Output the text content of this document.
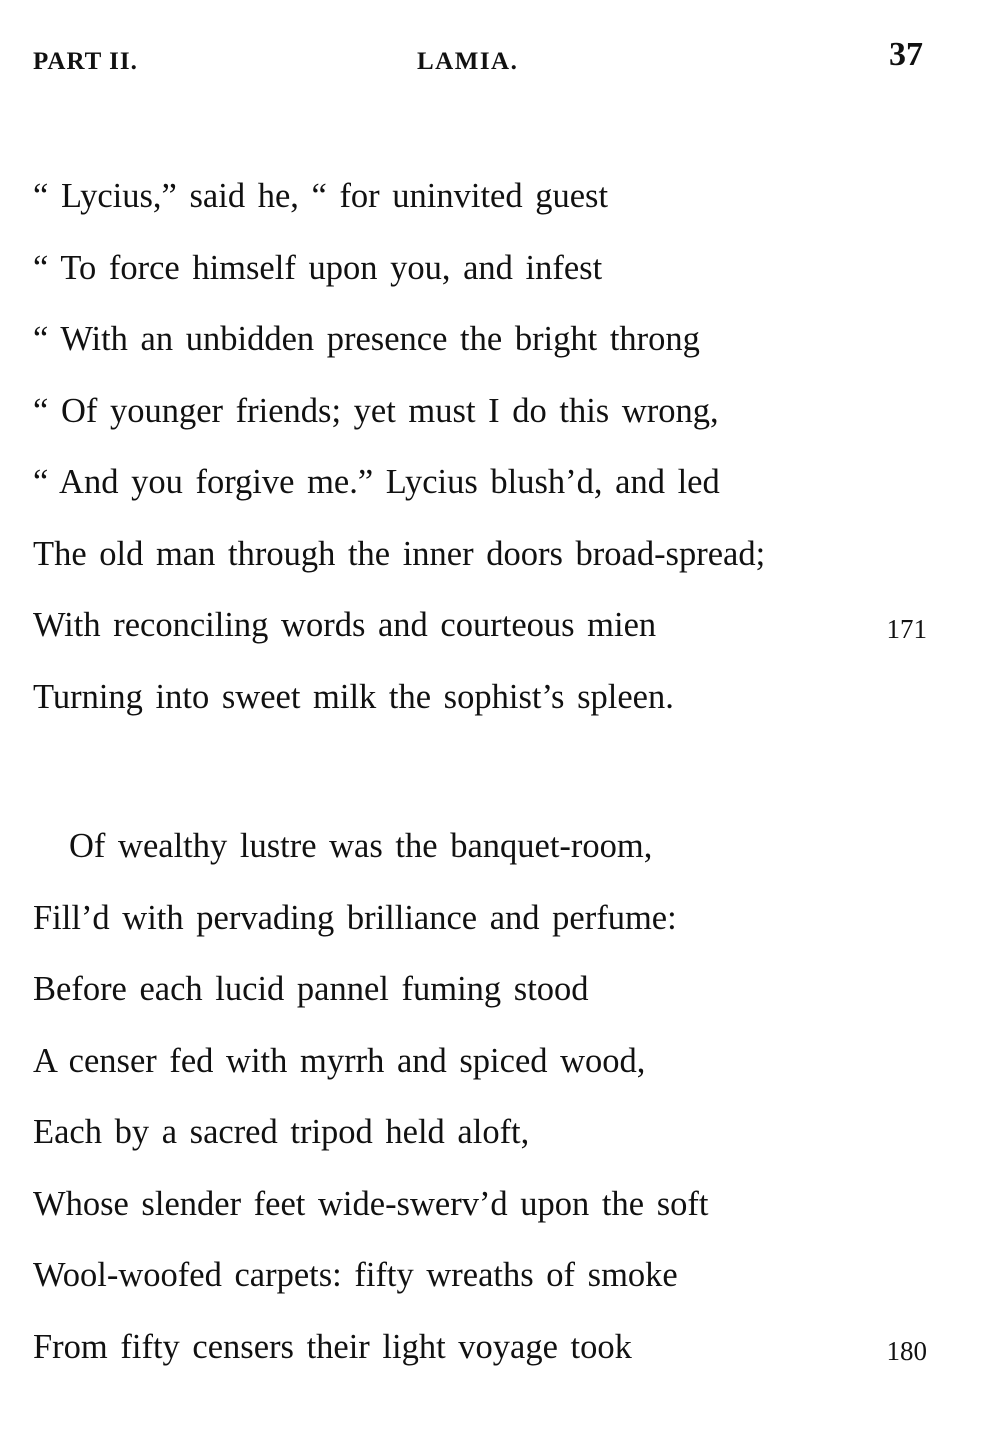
PART II.	LAMIA.	37
“ Lycius,” said he, “ for uninvited guest
“ To force himself upon you, and infest
“ With an unbidden presence the bright throng
“ Of younger friends; yet must I do this wrong,
“ And you forgive me.” Lycius blush’d, and led
The old man through the inner doors broad-spread;
With reconciling words and courteous mien	171
Turning into sweet milk the sophist’s spleen.
Of wealthy lustre was the banquet-room,
Fill’d with pervading brilliance and perfume:
Before each lucid pannel fuming stood
A censer fed with myrrh and spiced wood,
Each by a sacred tripod held aloft,
Whose slender feet wide-swerv’d upon the soft
Wool-woofed carpets: fifty wreaths of smoke
From fifty censers their light voyage took	180
